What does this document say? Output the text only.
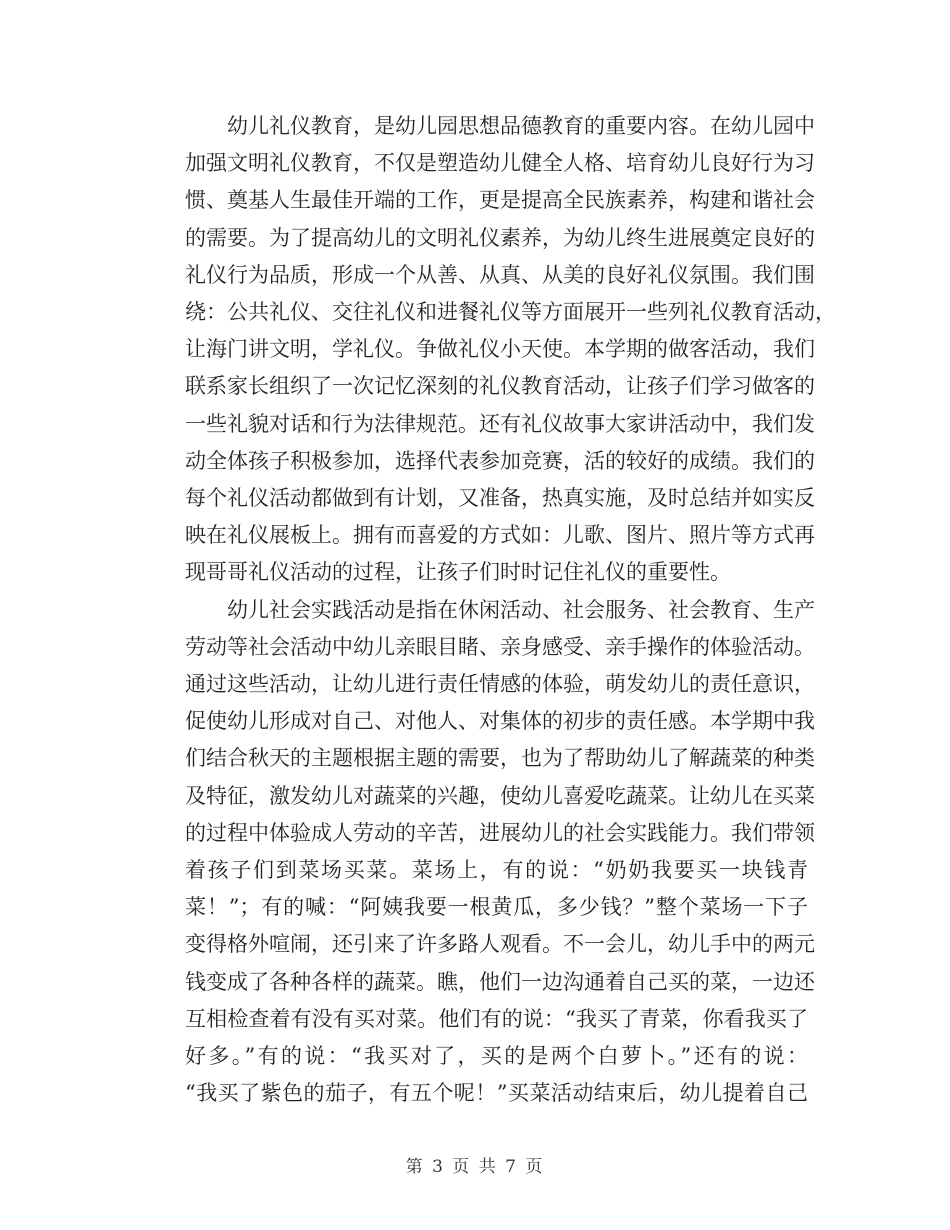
幼儿礼仪教育，是幼儿园思想品德教育的重要内容。在幼儿园中
加强文明礼仪教育，不仅是塑造幼儿健全人格、培育幼儿良好行为习
惯、奠基人生最佳开端的工作，更是提高全民族素养，构建和谐社会
的需要。为了提高幼儿的文明礼仪素养，为幼儿终生进展奠定良好的
礼仪行为品质，形成一个从善、从真、从美的良好礼仪氛围。我们围
绕：公共礼仪、交往礼仪和进餐礼仪等方面展开一些列礼仪教育活动，
让海门讲文明，学礼仪。争做礼仪小天使。本学期的做客活动，我们
联系家长组织了一次记忆深刻的礼仪教育活动，让孩子们学习做客的
一些礼貌对话和行为法律规范。还有礼仪故事大家讲活动中，我们发
动全体孩子积极参加，选择代表参加竞赛，活的较好的成绩。我们的
每个礼仪活动都做到有计划，又准备，热真实施，及时总结并如实反
映在礼仪展板上。拥有而喜爱的方式如：儿歌、图片、照片等方式再
现哥哥礼仪活动的过程，让孩子们时时记住礼仪的重要性。
幼儿社会实践活动是指在休闲活动、社会服务、社会教育、生产
劳动等社会活动中幼儿亲眼目睹、亲身感受、亲手操作的体验活动。
通过这些活动，让幼儿进行责任情感的体验，萌发幼儿的责任意识，
促使幼儿形成对自己、对他人、对集体的初步的责任感。本学期中我
们结合秋天的主题根据主题的需要，也为了帮助幼儿了解蔬菜的种类
及特征，激发幼儿对蔬菜的兴趣，使幼儿喜爱吃蔬菜。让幼儿在买菜
的过程中体验成人劳动的辛苦，进展幼儿的社会实践能力。我们带领
着孩子们到菜场买菜。菜场上，有的说：“奶奶我要买一块钱青
菜！”；有的喊：“阿姨我要一根黄瓜，多少钱？”整个菜场一下子
变得格外喧闹，还引来了许多路人观看。不一会儿，幼儿手中的两元
钱变成了各种各样的蔬菜。瞧，他们一边沟通着自己买的菜，一边还
互相检查着有没有买对菜。他们有的说：“我买了青菜，你看我买了
好多。”有的说：“我买对了，买的是两个白萝卜。”还有的说：
“我买了紫色的茄子，有五个呢！”买菜活动结束后，幼儿提着自己
第 3 页 共 7 页
